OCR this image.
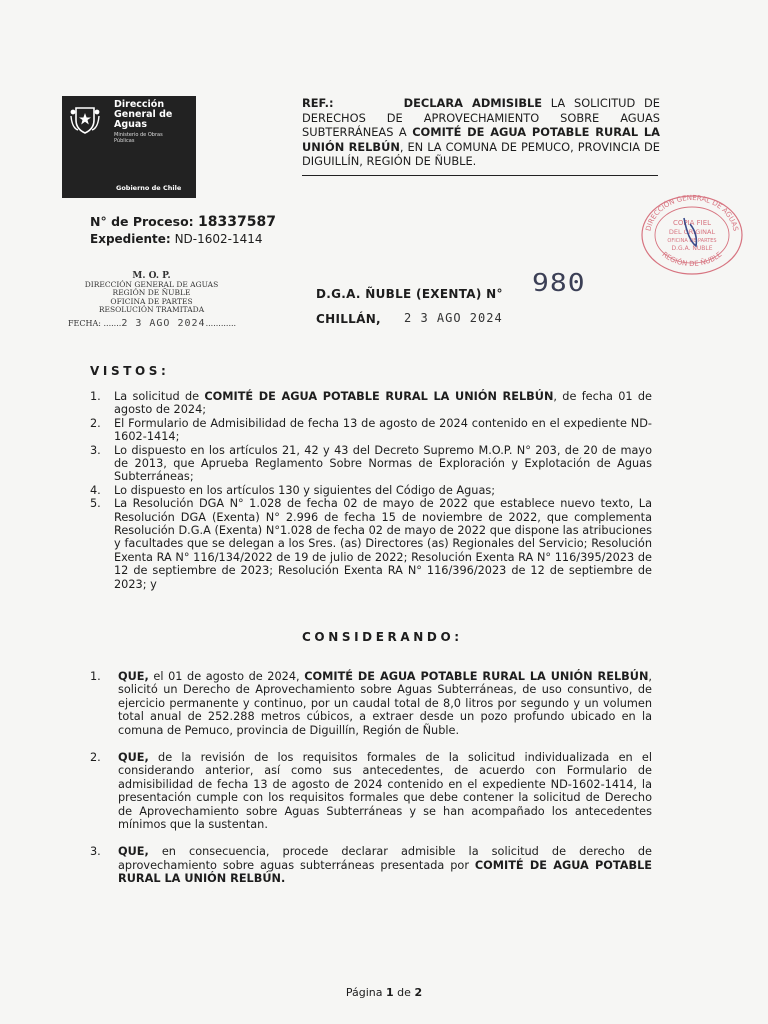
Dirección
General de
Aguas
Ministerio de Obras
Públicas
Gobierno de Chile
REF.:	DECLARA ADMISIBLE LA SOLICITUD DE DERECHOS DE APROVECHAMIENTO SOBRE AGUAS SUBTERRÁNEAS A COMITÉ DE AGUA POTABLE RURAL LA UNIÓN RELBÚN, EN LA COMUNA DE PEMUCO, PROVINCIA DE DIGUILLÍN, REGIÓN DE ÑUBLE.
N° de Proceso: 18337587
Expediente: ND-1602-1414
M. O. P.
DIRECCIÓN GENERAL DE AGUAS
REGIÓN DE ÑUBLE
OFICINA DE PARTES
RESOLUCIÓN TRAMITADA
FECHA: .......2 3 AGO 2024............
DIRECCIÓN GENERAL DE AGUAS
REGIÓN DE ÑUBLE
COPIA FIEL
DEL ORIGINAL
OFICINA DE PARTES
D.G.A. ÑUBLE
D.G.A. ÑUBLE (EXENTA) N° 980
CHILLÁN, 2 3 AGO 2024
VISTOS:
1. La solicitud de COMITÉ DE AGUA POTABLE RURAL LA UNIÓN RELBÚN, de fecha 01 de agosto de 2024;
2. El Formulario de Admisibilidad de fecha 13 de agosto de 2024 contenido en el expediente ND-1602-1414;
3. Lo dispuesto en los artículos 21, 42 y 43 del Decreto Supremo M.O.P. N° 203, de 20 de mayo de 2013, que Aprueba Reglamento Sobre Normas de Exploración y Explotación de Aguas Subterráneas;
4. Lo dispuesto en los artículos 130 y siguientes del Código de Aguas;
5. La Resolución DGA N° 1.028 de fecha 02 de mayo de 2022 que establece nuevo texto, La Resolución DGA (Exenta) N° 2.996 de fecha 15 de noviembre de 2022, que complementa Resolución D.G.A (Exenta) N°1.028 de fecha 02 de mayo de 2022 que dispone las atribuciones y facultades que se delegan a los Sres. (as) Directores (as) Regionales del Servicio; Resolución Exenta RA N° 116/134/2022 de 19 de julio de 2022; Resolución Exenta RA N° 116/395/2023 de 12 de septiembre de 2023; Resolución Exenta RA N° 116/396/2023 de 12 de septiembre de 2023; y
CONSIDERANDO:
1. QUE, el 01 de agosto de 2024, COMITÉ DE AGUA POTABLE RURAL LA UNIÓN RELBÚN, solicitó un Derecho de Aprovechamiento sobre Aguas Subterráneas, de uso consuntivo, de ejercicio permanente y continuo, por un caudal total de 8,0 litros por segundo y un volumen total anual de 252.288 metros cúbicos, a extraer desde un pozo profundo ubicado en la comuna de Pemuco, provincia de Diguillín, Región de Ñuble.
2. QUE, de la revisión de los requisitos formales de la solicitud individualizada en el considerando anterior, así como sus antecedentes, de acuerdo con Formulario de admisibilidad de fecha 13 de agosto de 2024 contenido en el expediente ND-1602-1414, la presentación cumple con los requisitos formales que debe contener la solicitud de Derecho de Aprovechamiento sobre Aguas Subterráneas y se han acompañado los antecedentes mínimos que la sustentan.
3. QUE, en consecuencia, procede declarar admisible la solicitud de derecho de aprovechamiento sobre aguas subterráneas presentada por COMITÉ DE AGUA POTABLE RURAL LA UNIÓN RELBÚN.
Página 1 de 2
